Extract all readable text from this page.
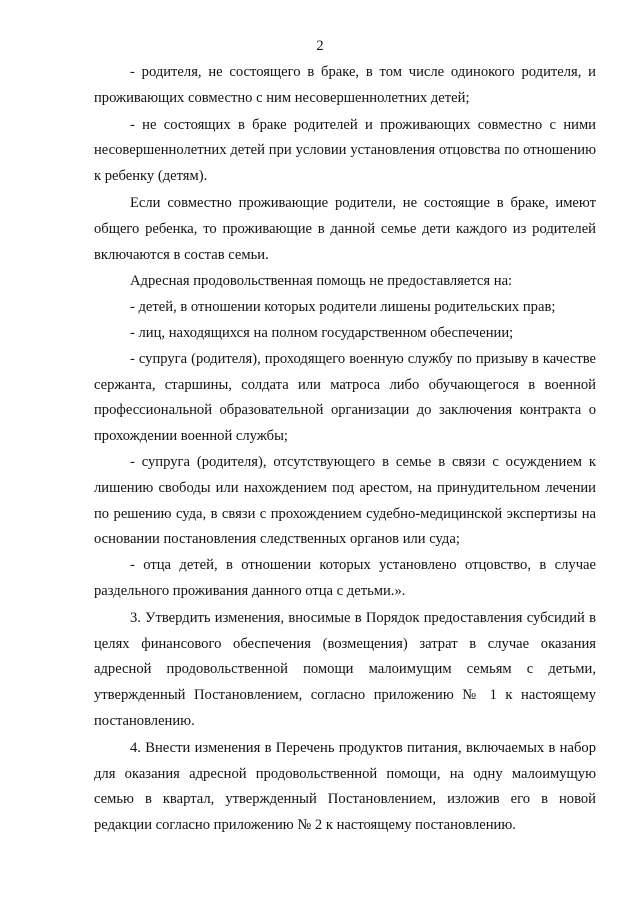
2

- родителя, не состоящего в браке, в том числе одинокого родителя, и проживающих совместно с ним несовершеннолетних детей;

- не состоящих в браке родителей и проживающих совместно с ними несовершеннолетних детей при условии установления отцовства по отношению к ребенку (детям).

Если совместно проживающие родители, не состоящие в браке, имеют общего ребенка, то проживающие в данной семье дети каждого из родителей включаются в состав семьи.

Адресная продовольственная помощь не предоставляется на:

- детей, в отношении которых родители лишены родительских прав;

- лиц, находящихся на полном государственном обеспечении;

- супруга (родителя), проходящего военную службу по призыву в качестве сержанта, старшины, солдата или матроса либо обучающегося в военной профессиональной образовательной организации до заключения контракта о прохождении военной службы;

- супруга (родителя), отсутствующего в семье в связи с осуждением к лишению свободы или нахождением под арестом, на принудительном лечении по решению суда, в связи с прохождением судебно-медицинской экспертизы на основании постановления следственных органов или суда;

- отца детей, в отношении которых установлено отцовство, в случае раздельного проживания данного отца с детьми.».

3. Утвердить изменения, вносимые в Порядок предоставления субсидий в целях финансового обеспечения (возмещения) затрат в случае оказания адресной продовольственной помощи малоимущим семьям с детьми, утвержденный Постановлением, согласно приложению № 1 к настоящему постановлению.

4. Внести изменения в Перечень продуктов питания, включаемых в набор для оказания адресной продовольственной помощи, на одну малоимущую семью в квартал, утвержденный Постановлением, изложив его в новой редакции согласно приложению № 2 к настоящему постановлению.
